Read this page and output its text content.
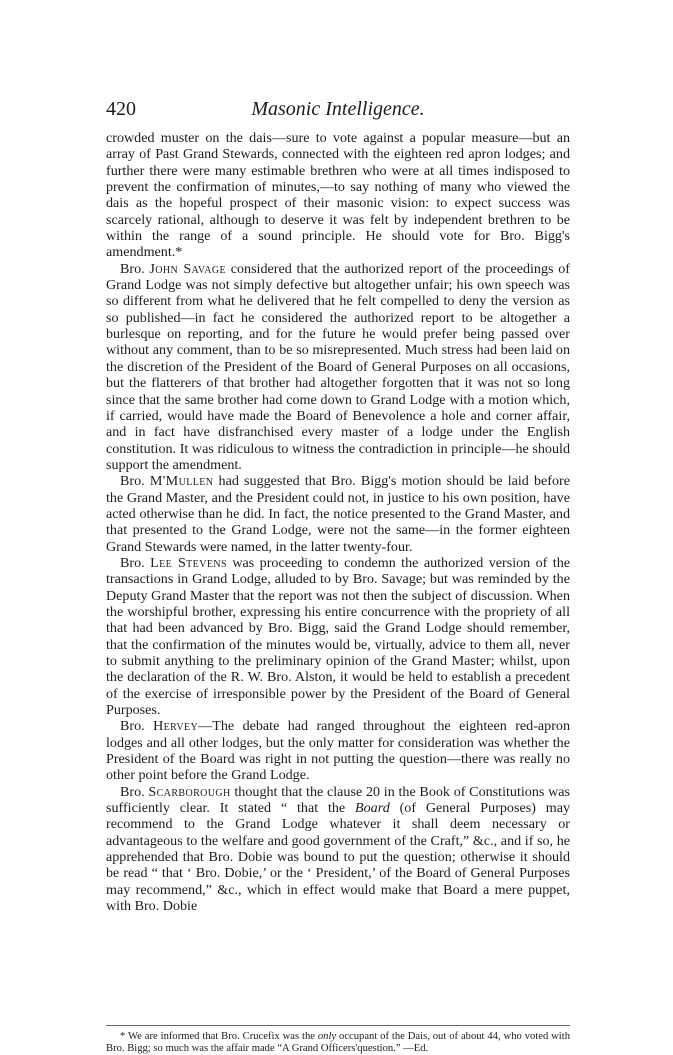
420	Masonic Intelligence.

crowded muster on the dais—sure to vote against a popular measure—but an array of Past Grand Stewards, connected with the eighteen red apron lodges; and further there were many estimable brethren who were at all times indisposed to prevent the confirmation of minutes,—to say nothing of many who viewed the dais as the hopeful prospect of their masonic vision: to expect success was scarcely rational, although to deserve it was felt by independent brethren to be within the range of a sound principle. He should vote for Bro. Bigg's amendment.*

Bro. John Savage considered that the authorized report of the proceedings of Grand Lodge was not simply defective but altogether unfair; his own speech was so different from what he delivered that he felt compelled to deny the version as so published—in fact he considered the authorized report to be altogether a burlesque on reporting, and for the future he would prefer being passed over without any comment, than to be so misrepresented. Much stress had been laid on the discretion of the President of the Board of General Purposes on all occasions, but the flatterers of that brother had altogether forgotten that it was not so long since that the same brother had come down to Grand Lodge with a motion which, if carried, would have made the Board of Benevolence a hole and corner affair, and in fact have disfranchised every master of a lodge under the English constitution. It was ridiculous to witness the contradiction in principle—he should support the amendment.

Bro. M'Mullen had suggested that Bro. Bigg's motion should be laid before the Grand Master, and the President could not, in justice to his own position, have acted otherwise than he did. In fact, the notice presented to the Grand Master, and that presented to the Grand Lodge, were not the same—in the former eighteen Grand Stewards were named, in the latter twenty-four.

Bro. Lee Stevens was proceeding to condemn the authorized version of the transactions in Grand Lodge, alluded to by Bro. Savage; but was reminded by the Deputy Grand Master that the report was not then the subject of discussion. When the worshipful brother, expressing his entire concurrence with the propriety of all that had been advanced by Bro. Bigg, said the Grand Lodge should remember, that the confirmation of the minutes would be, virtually, advice to them all, never to submit anything to the preliminary opinion of the Grand Master; whilst, upon the declaration of the R. W. Bro. Alston, it would be held to establish a precedent of the exercise of irresponsible power by the President of the Board of General Purposes.

Bro. Hervey—The debate had ranged throughout the eighteen red-apron lodges and all other lodges, but the only matter for consideration was whether the President of the Board was right in not putting the question—there was really no other point before the Grand Lodge.

Bro. Scarborough thought that the clause 20 in the Book of Constitutions was sufficiently clear. It stated “ that the Board (of General Purposes) may recommend to the Grand Lodge whatever it shall deem necessary or advantageous to the welfare and good government of the Craft,” &c., and if so, he apprehended that Bro. Dobie was bound to put the question; otherwise it should be read “ that ‘ Bro. Dobie,’ or the ‘ President,’ of the Board of General Purposes may recommend,” &c., which in effect would make that Board a mere puppet, with Bro. Dobie

* We are informed that Bro. Crucefix was the only occupant of the Dais, out of about 44, who voted with Bro. Bigg; so much was the affair made “A Grand Officers'question.” —Ed.
